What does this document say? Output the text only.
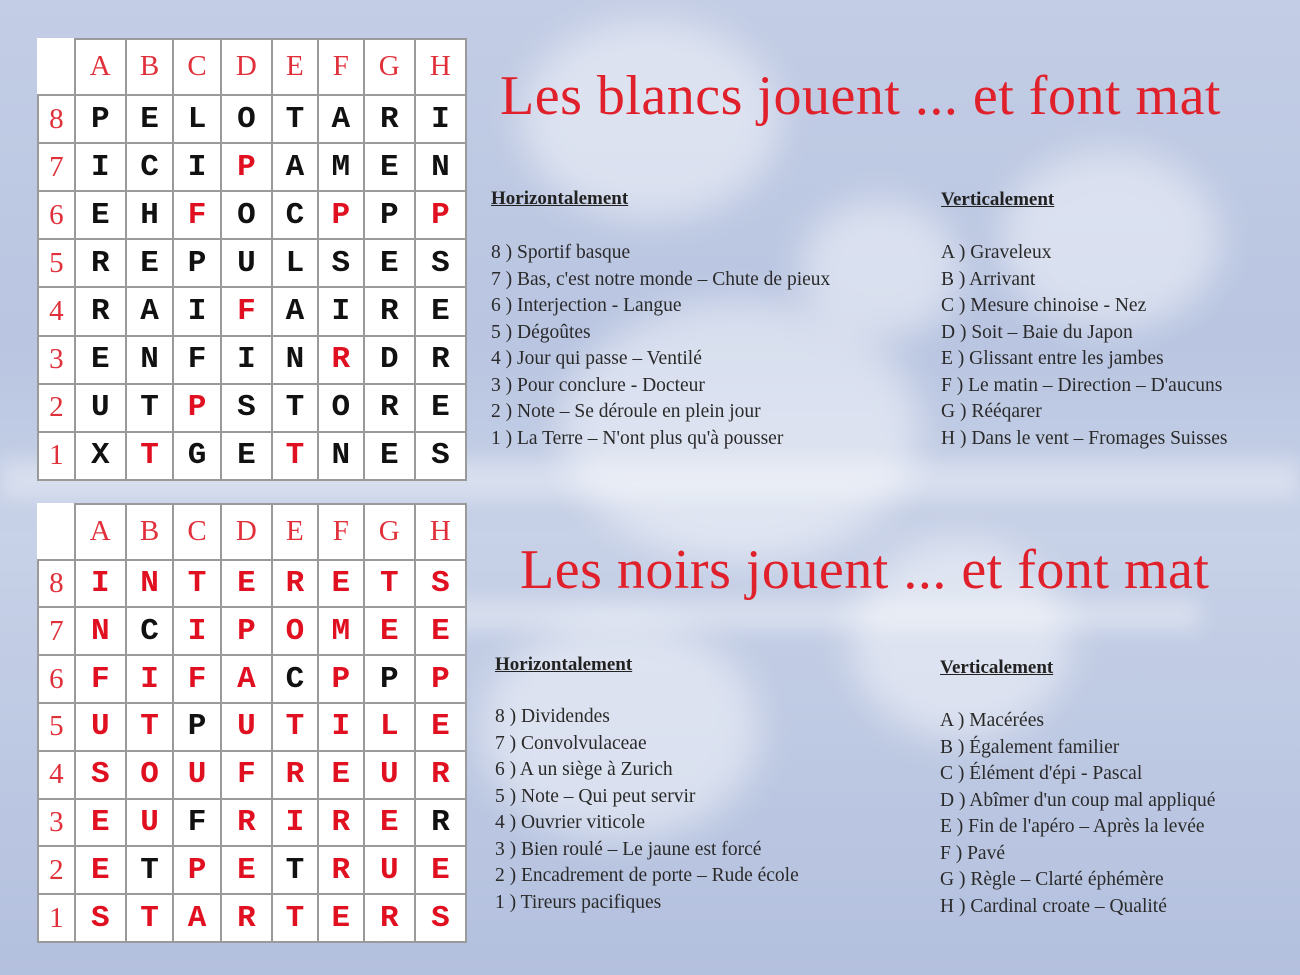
	A	B	C	D	E	F	G	H
8	P	E	L	O	T	A	R	I
7	I	C	I	P	A	M	E	N
6	E	H	F	O	C	P	P	P
5	R	E	P	U	L	S	E	S
4	R	A	I	F	A	I	R	E
3	E	N	F	I	N	R	D	R
2	U	T	P	S	T	O	R	E
1	X	T	G	E	T	N	E	S
	A	B	C	D	E	F	G	H
8	I	N	T	E	R	E	T	S
7	N	C	I	P	O	M	E	E
6	F	I	F	A	C	P	P	P
5	U	T	P	U	T	I	L	E
4	S	O	U	F	R	E	U	R
3	E	U	F	R	I	R	E	R
2	E	T	P	E	T	R	U	E
1	S	T	A	R	T	E	R	S
Les blancs jouent ... et font mat
Horizontalement	Verticalement
8 ) Sportif basque
7 ) Bas, c'est notre monde – Chute de pieux
6 ) Interjection - Langue
5 ) Dégoûtes
4 ) Jour qui passe – Ventilé
3 ) Pour conclure - Docteur
2 ) Note – Se déroule en plein jour
1 ) La Terre – N'ont plus qu'à pousser
A ) Graveleux
B ) Arrivant
C ) Mesure chinoise - Nez
D ) Soit – Baie du Japon
E ) Glissant entre les jambes
F ) Le matin – Direction – D'aucuns
G ) Rééqarer
H ) Dans le vent – Fromages Suisses
Les noirs jouent ... et font mat
Horizontalement	Verticalement
8 ) Dividendes
7 ) Convolvulaceae
6 ) A un siège à Zurich
5 ) Note – Qui peut servir
4 ) Ouvrier viticole
3 ) Bien roulé – Le jaune est forcé
2 ) Encadrement de porte – Rude école
1 ) Tireurs pacifiques
A ) Macérées
B ) Également familier
C ) Élément d'épi - Pascal
D ) Abîmer d'un coup mal appliqué
E ) Fin de l'apéro – Après la levée
F ) Pavé
G ) Règle – Clarté éphémère
H ) Cardinal croate – Qualité
